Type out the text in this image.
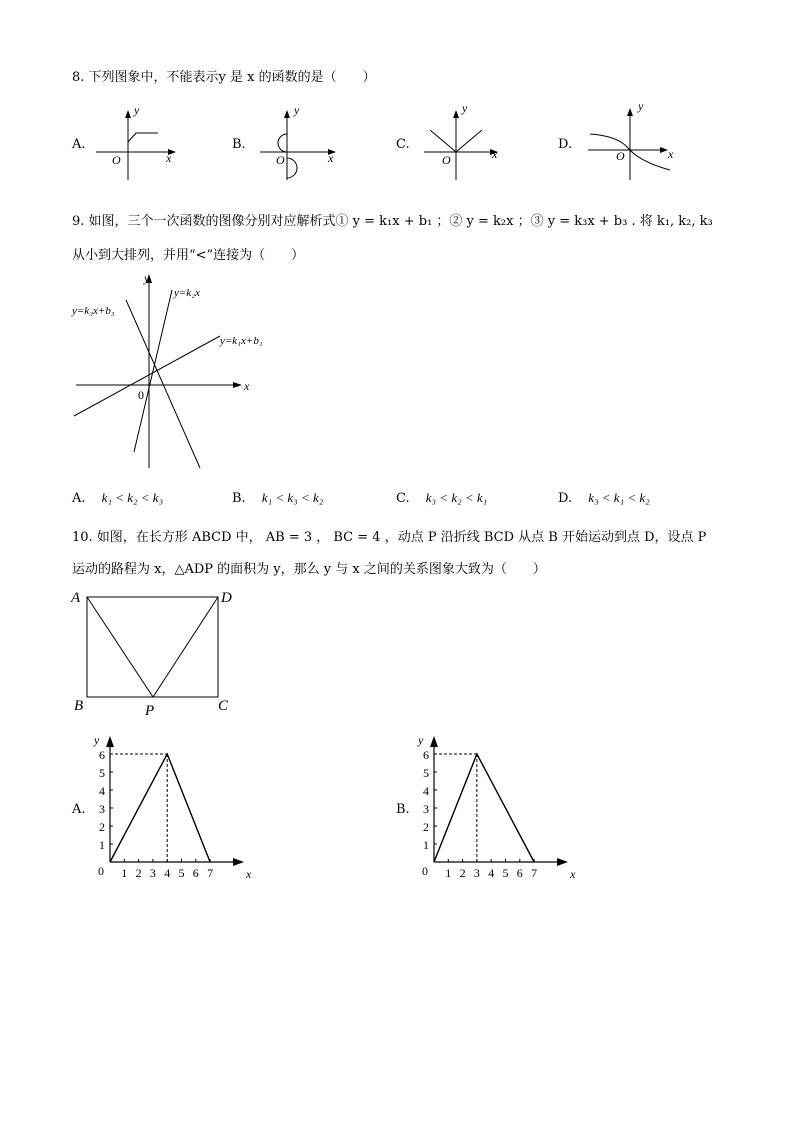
8. 下列图象中，不能表示y 是 x 的函数的是（　　）
A.
O	x
y
B.
O	x
y
C.
O	x
y
D.
O	x
y
9. 如图，三个一次函数的图像分别对应解析式① y = k₁x + b₁ ；② y = k₂x ；③ y = k₃x + b₃ . 将 k₁, k₂, k₃
从小到大排列，并用“<”连接为（　　）
0
x
y
y=k₂x
y=k₃x+b₃
y=k₁x+b₁
A. k₁ < k₂ < k₃	B. k₁ < k₃ < k₂	C. k₃ < k₂ < k₁	D. k₃ < k₁ < k₂
10. 如图，在长方形 ABCD 中， AB = 3 ， BC = 4 ，动点 P 沿折线 BCD 从点 B 开始运动到点 D，设点 P
运动的路程为 x，△ADP 的面积为 y，那么 y 与 x 之间的关系图象大致为（　　）
A	D
B	C
P
A.
1
2
3
4
5
6
1 2 3 4 5 6 7
0	x
y
B.
1
2
3
4
5
6
1 2 3 4 5 6 7
0	x
y
